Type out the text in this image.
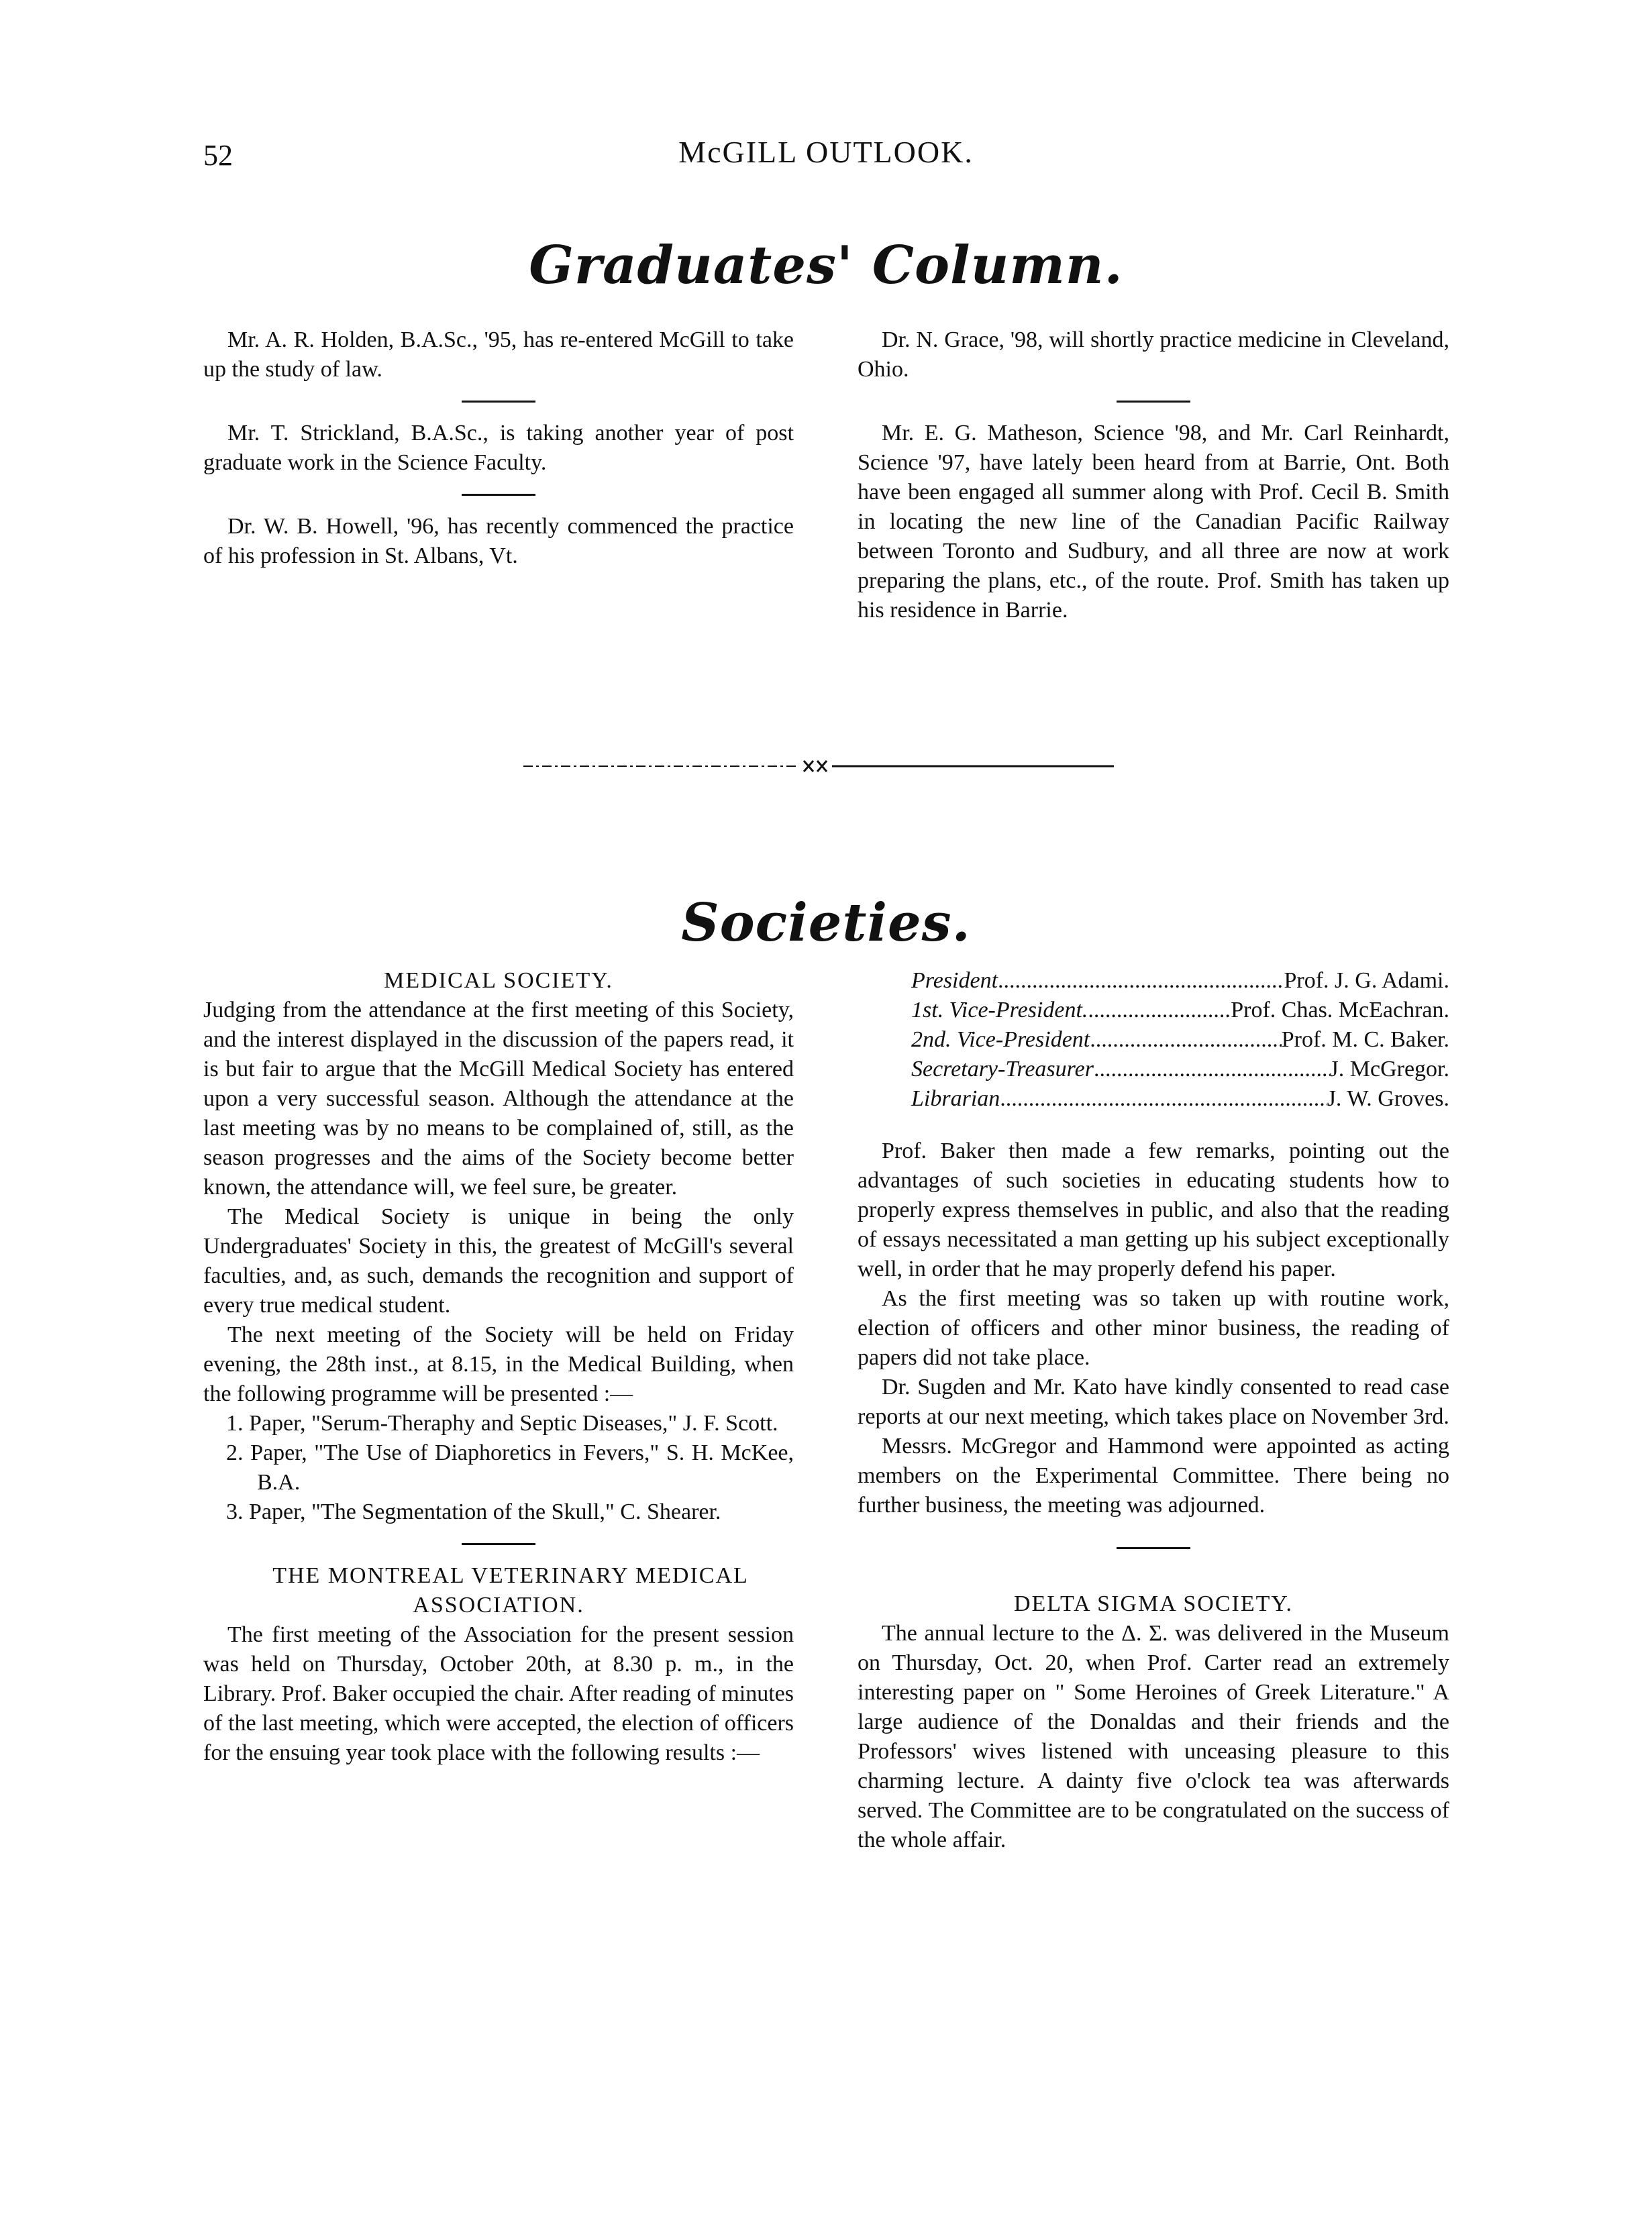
52	McGILL OUTLOOK.
Graduates' Column.

Mr. A. R. Holden, B.A.Sc., '95, has re-entered McGill to take up the study of law.

Mr. T. Strickland, B.A.Sc., is taking another year of post graduate work in the Science Faculty.

Dr. W. B. Howell, '96, has recently commenced the practice of his profession in St. Albans, Vt.

Dr. N. Grace, '98, will shortly practice medicine in Cleveland, Ohio.

Mr. E. G. Matheson, Science '98, and Mr. Carl Reinhardt, Science '97, have lately been heard from at Barrie, Ont. Both have been engaged all summer along with Prof. Cecil B. Smith in locating the new line of the Canadian Pacific Railway between Toronto and Sudbury, and all three are now at work preparing the plans, etc., of the route. Prof. Smith has taken up his residence in Barrie.

Societies.

MEDICAL SOCIETY.

Judging from the attendance at the first meeting of this Society, and the interest displayed in the discussion of the papers read, it is but fair to argue that the McGill Medical Society has entered upon a very successful season. Although the attendance at the last meeting was by no means to be complained of, still, as the season progresses and the aims of the Society become better known, the attendance will, we feel sure, be greater.

The Medical Society is unique in being the only Undergraduates' Society in this, the greatest of McGill's several faculties, and, as such, demands the recognition and support of every true medical student.

The next meeting of the Society will be held on Friday evening, the 28th inst., at 8.15, in the Medical Building, when the following programme will be presented :—

1. Paper, "Serum-Theraphy and Septic Diseases," J. F. Scott.
2. Paper, "The Use of Diaphoretics in Fevers," S. H. McKee, B.A.
3. Paper, "The Segmentation of the Skull," C. Shearer.

THE MONTREAL VETERINARY MEDICAL ASSOCIATION.

The first meeting of the Association for the present session was held on Thursday, October 20th, at 8.30 p. m., in the Library. Prof. Baker occupied the chair. After reading of minutes of the last meeting, which were accepted, the election of officers for the ensuing year took place with the following results :—

President .....	Prof. J. G. Adami.
1st. Vice-President. .....	Prof. Chas. McEachran.
2nd. Vice-President .....	Prof. M. C. Baker.
Secretary-Treasurer .....	J. McGregor.
Librarian .....	J. W. Groves.

Prof. Baker then made a few remarks, pointing out the advantages of such societies in educating students how to properly express themselves in public, and also that the reading of essays necessitated a man getting up his subject exceptionally well, in order that he may properly defend his paper.

As the first meeting was so taken up with routine work, election of officers and other minor business, the reading of papers did not take place.

Dr. Sugden and Mr. Kato have kindly consented to read case reports at our next meeting, which takes place on November 3rd.

Messrs. McGregor and Hammond were appointed as acting members on the Experimental Committee. There being no further business, the meeting was adjourned.

DELTA SIGMA SOCIETY.

The annual lecture to the Δ. Σ. was delivered in the Museum on Thursday, Oct. 20, when Prof. Carter read an extremely interesting paper on " Some Heroines of Greek Literature." A large audience of the Donaldas and their friends and the Professors' wives listened with unceasing pleasure to this charming lecture. A dainty five o'clock tea was afterwards served. The Committee are to be congratulated on the success of the whole affair.
